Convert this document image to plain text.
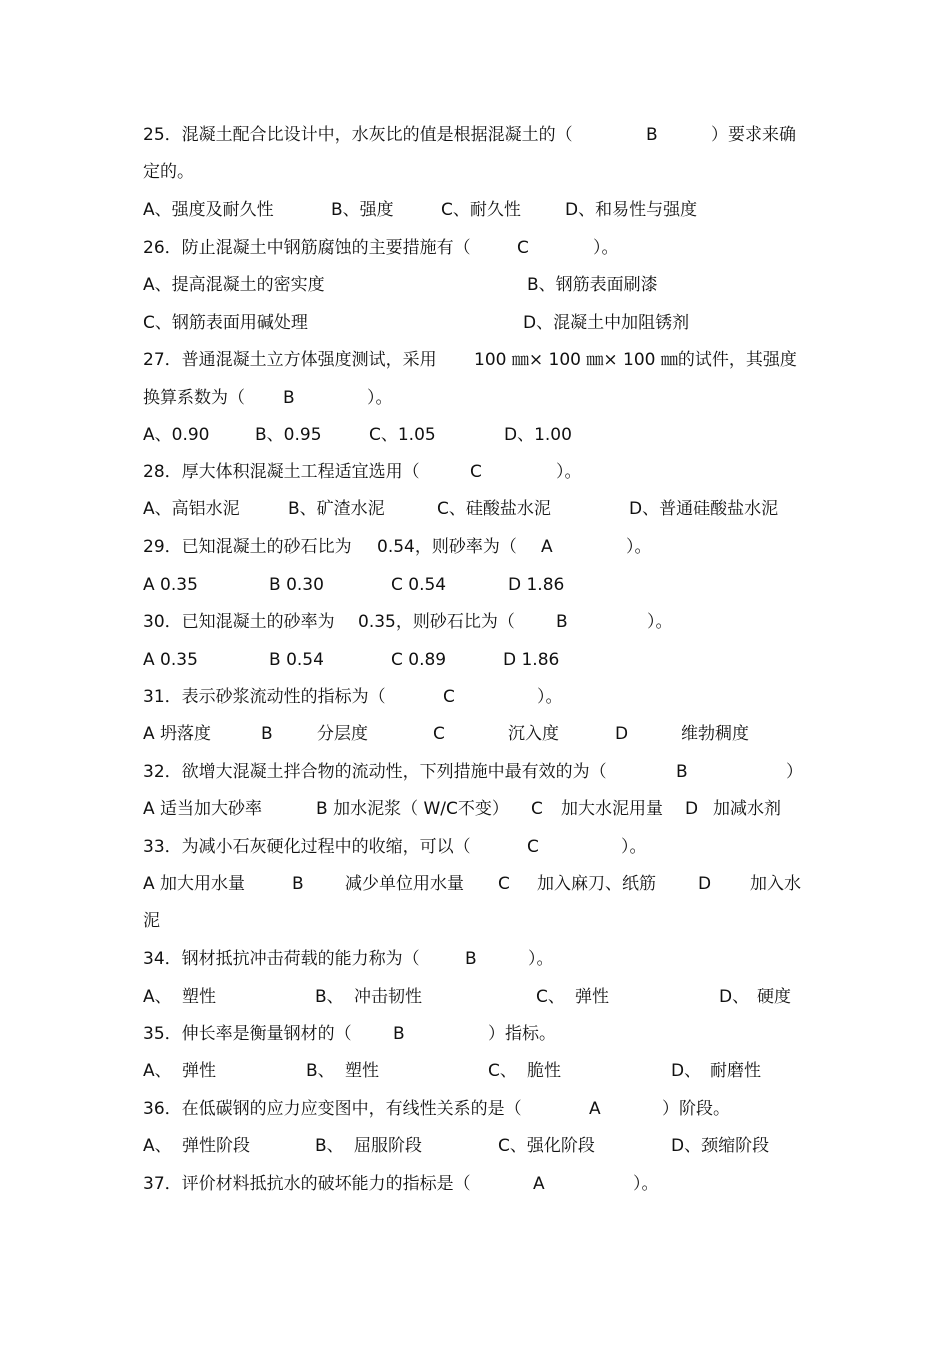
25．混凝土配合比设计中，水灰比的值是根据混凝土的（

	B

	）要求来确

定的。

A、强度及耐久性

	B、强度

	C、耐久性

	D、和易性与强度

26．防止混凝土中钢筋腐蚀的主要措施有（

	C

	）。

A、提高混凝土的密实度

	B、钢筋表面刷漆

C、钢筋表面用碱处理

	D、混凝土中加阻锈剂

27．普通混凝土立方体强度测试，采用

100 ㎜× 100 ㎜× 100 ㎜的试件，其强度

换算系数为（

B

	）。

A、0.90

	B、0.95

	C、1.05

	D、1.00

28．厚大体积混凝土工程适宜选用（

	C

	）。

A、高铝水泥

	B、矿渣水泥

	C、硅酸盐水泥

	D、普通硅酸盐水泥

29．已知混凝土的砂石比为

0.54，则砂率为（

A

	）。

A 0.35

	B 0.30

	C 0.54

	D 1.86

30．已知混凝土的砂率为

0.35，则砂石比为（

B

	）。

A 0.35

	B 0.54

	C 0.89

	D 1.86

31．表示砂浆流动性的指标为（

	C

	）。

A 坍落度

	B

	分层度

	C

	沉入度

	D

	维勃稠度

32．欲增大混凝土拌合物的流动性，下列措施中最有效的为（

	B

	）

A 适当加大砂率

	B 加水泥浆（ W/C不变）

C

加大水泥用量

D

加减水剂

33．为减小石灰硬化过程中的收缩，可以（

	C

	）。

A 加大用水量

	B

减少单位用水量

C

加入麻刀、纸筋

D

加入水

泥

34．钢材抵抗冲击荷载的能力称为（

	B

	）。

A、

塑性

	B、

冲击韧性

	C、

弹性

	D、

硬度

35．伸长率是衡量钢材的（

B

	）指标。

A、

弹性

	B、

塑性

	C、

脆性

	D、

耐磨性

36．在低碳钢的应力应变图中，有线性关系的是（

	A

	）阶段。

A、

弹性阶段

	B、

屈服阶段

	C、强化阶段

	D、颈缩阶段

37．评价材料抵抗水的破坏能力的指标是（

	A

	）。
